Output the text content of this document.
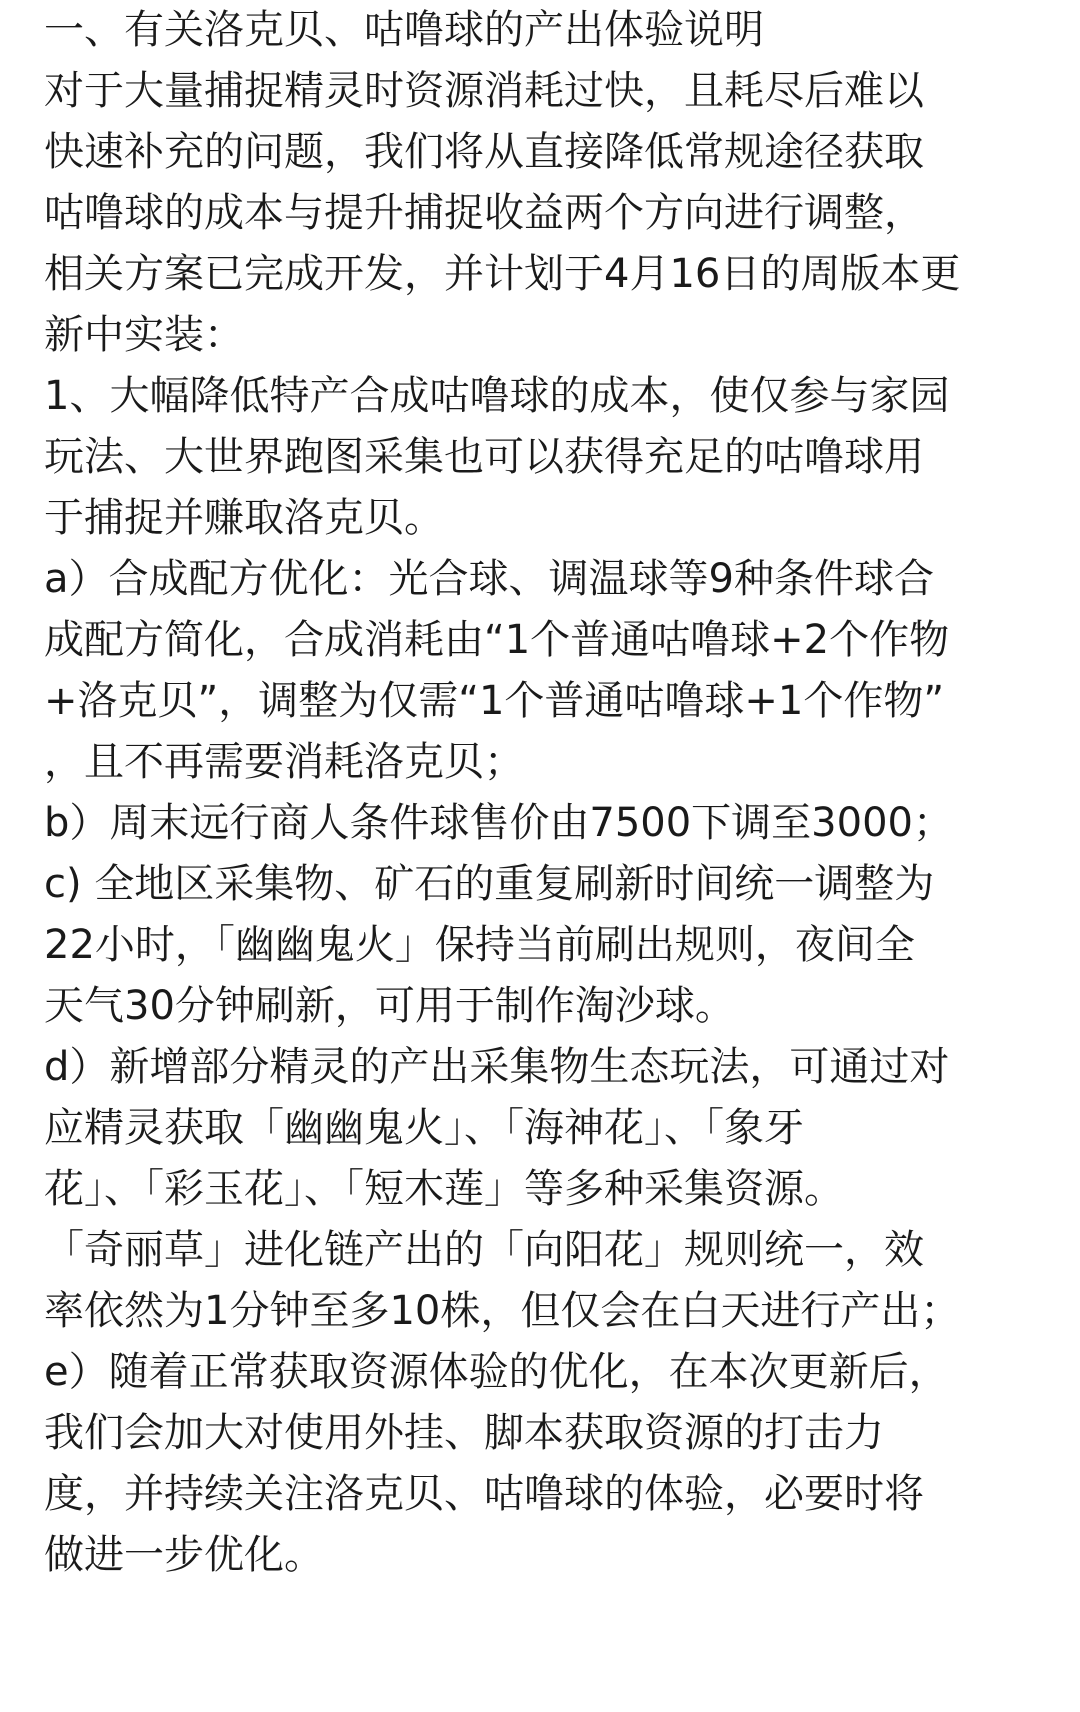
一、有关洛克贝、咕噜球的产出体验说明
对于大量捕捉精灵时资源消耗过快，且耗尽后难以
快速补充的问题，我们将从直接降低常规途径获取
咕噜球的成本与提升捕捉收益两个方向进行调整，
相关方案已完成开发，并计划于4月16日的周版本更
新中实装：
1、大幅降低特产合成咕噜球的成本，使仅参与家园
玩法、大世界跑图采集也可以获得充足的咕噜球用
于捕捉并赚取洛克贝。
a）合成配方优化：光合球、调温球等9种条件球合
成配方简化，合成消耗由“1个普通咕噜球+2个作物
+洛克贝”，调整为仅需“1个普通咕噜球+1个作物”
，且不再需要消耗洛克贝；
b）周末远行商人条件球售价由7500下调至3000；
c) 全地区采集物、矿石的重复刷新时间统一调整为
22小时，「幽幽鬼火」保持当前刷出规则，夜间全
天气30分钟刷新，可用于制作淘沙球。
d）新增部分精灵的产出采集物生态玩法，可通过对
应精灵获取「幽幽鬼火」、「海神花」、「象牙
花」、「彩玉花」、「短木莲」等多种采集资源。
「奇丽草」进化链产出的「向阳花」规则统一，效
率依然为1分钟至多10株，但仅会在白天进行产出；
e）随着正常获取资源体验的优化，在本次更新后，
我们会加大对使用外挂、脚本获取资源的打击力
度，并持续关注洛克贝、咕噜球的体验，必要时将
做进一步优化。
